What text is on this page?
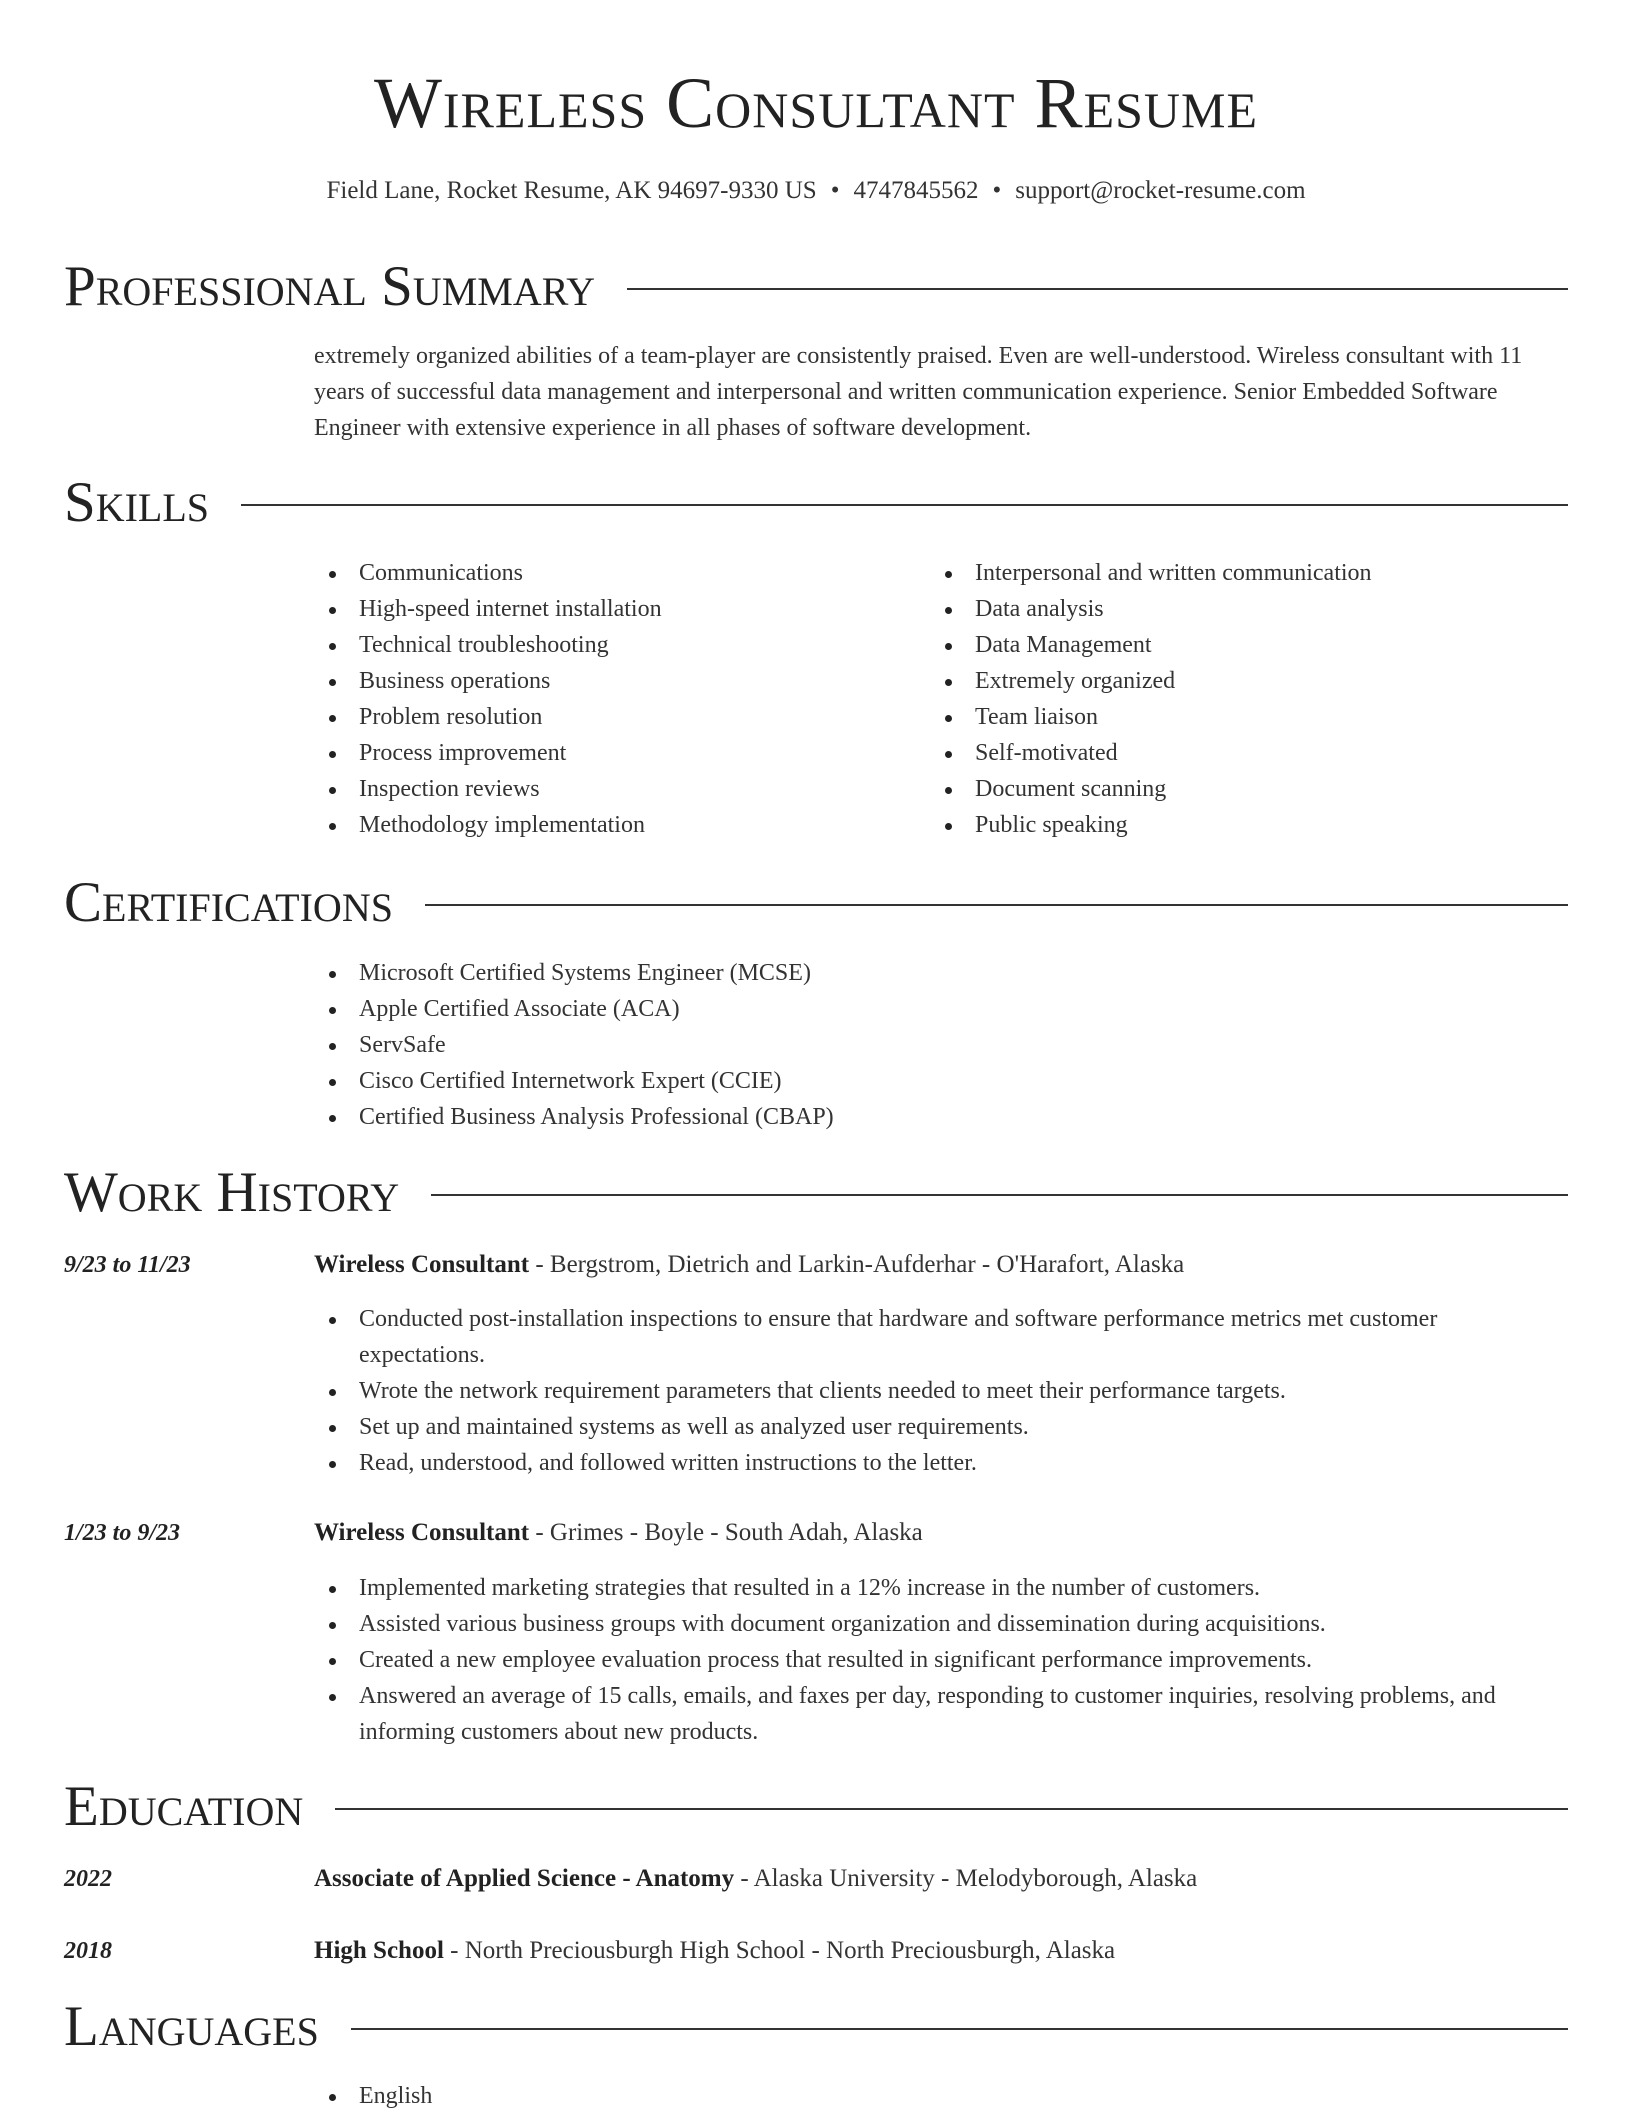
Wireless Consultant Resume
Field Lane, Rocket Resume, AK 94697-9330 US • 4747845562 • support@rocket-resume.com
Professional Summary
extremely organized abilities of a team-player are consistently praised. Even are well-understood. Wireless consultant with 11 years of successful data management and interpersonal and written communication experience. Senior Embedded Software Engineer with extensive experience in all phases of software development.
Skills
Communications
High-speed internet installation
Technical troubleshooting
Business operations
Problem resolution
Process improvement
Inspection reviews
Methodology implementation
Interpersonal and written communication
Data analysis
Data Management
Extremely organized
Team liaison
Self-motivated
Document scanning
Public speaking
Certifications
Microsoft Certified Systems Engineer (MCSE)
Apple Certified Associate (ACA)
ServSafe
Cisco Certified Internetwork Expert (CCIE)
Certified Business Analysis Professional (CBAP)
Work History
9/23 to 11/23	Wireless Consultant - Bergstrom, Dietrich and Larkin-Aufderhar - O'Harafort, Alaska
Conducted post-installation inspections to ensure that hardware and software performance metrics met customer expectations.
Wrote the network requirement parameters that clients needed to meet their performance targets.
Set up and maintained systems as well as analyzed user requirements.
Read, understood, and followed written instructions to the letter.
1/23 to 9/23	Wireless Consultant - Grimes - Boyle - South Adah, Alaska
Implemented marketing strategies that resulted in a 12% increase in the number of customers.
Assisted various business groups with document organization and dissemination during acquisitions.
Created a new employee evaluation process that resulted in significant performance improvements.
Answered an average of 15 calls, emails, and faxes per day, responding to customer inquiries, resolving problems, and informing customers about new products.
Education
2022	Associate of Applied Science - Anatomy - Alaska University - Melodyborough, Alaska
2018	High School - North Preciousburgh High School - North Preciousburgh, Alaska
Languages
English
